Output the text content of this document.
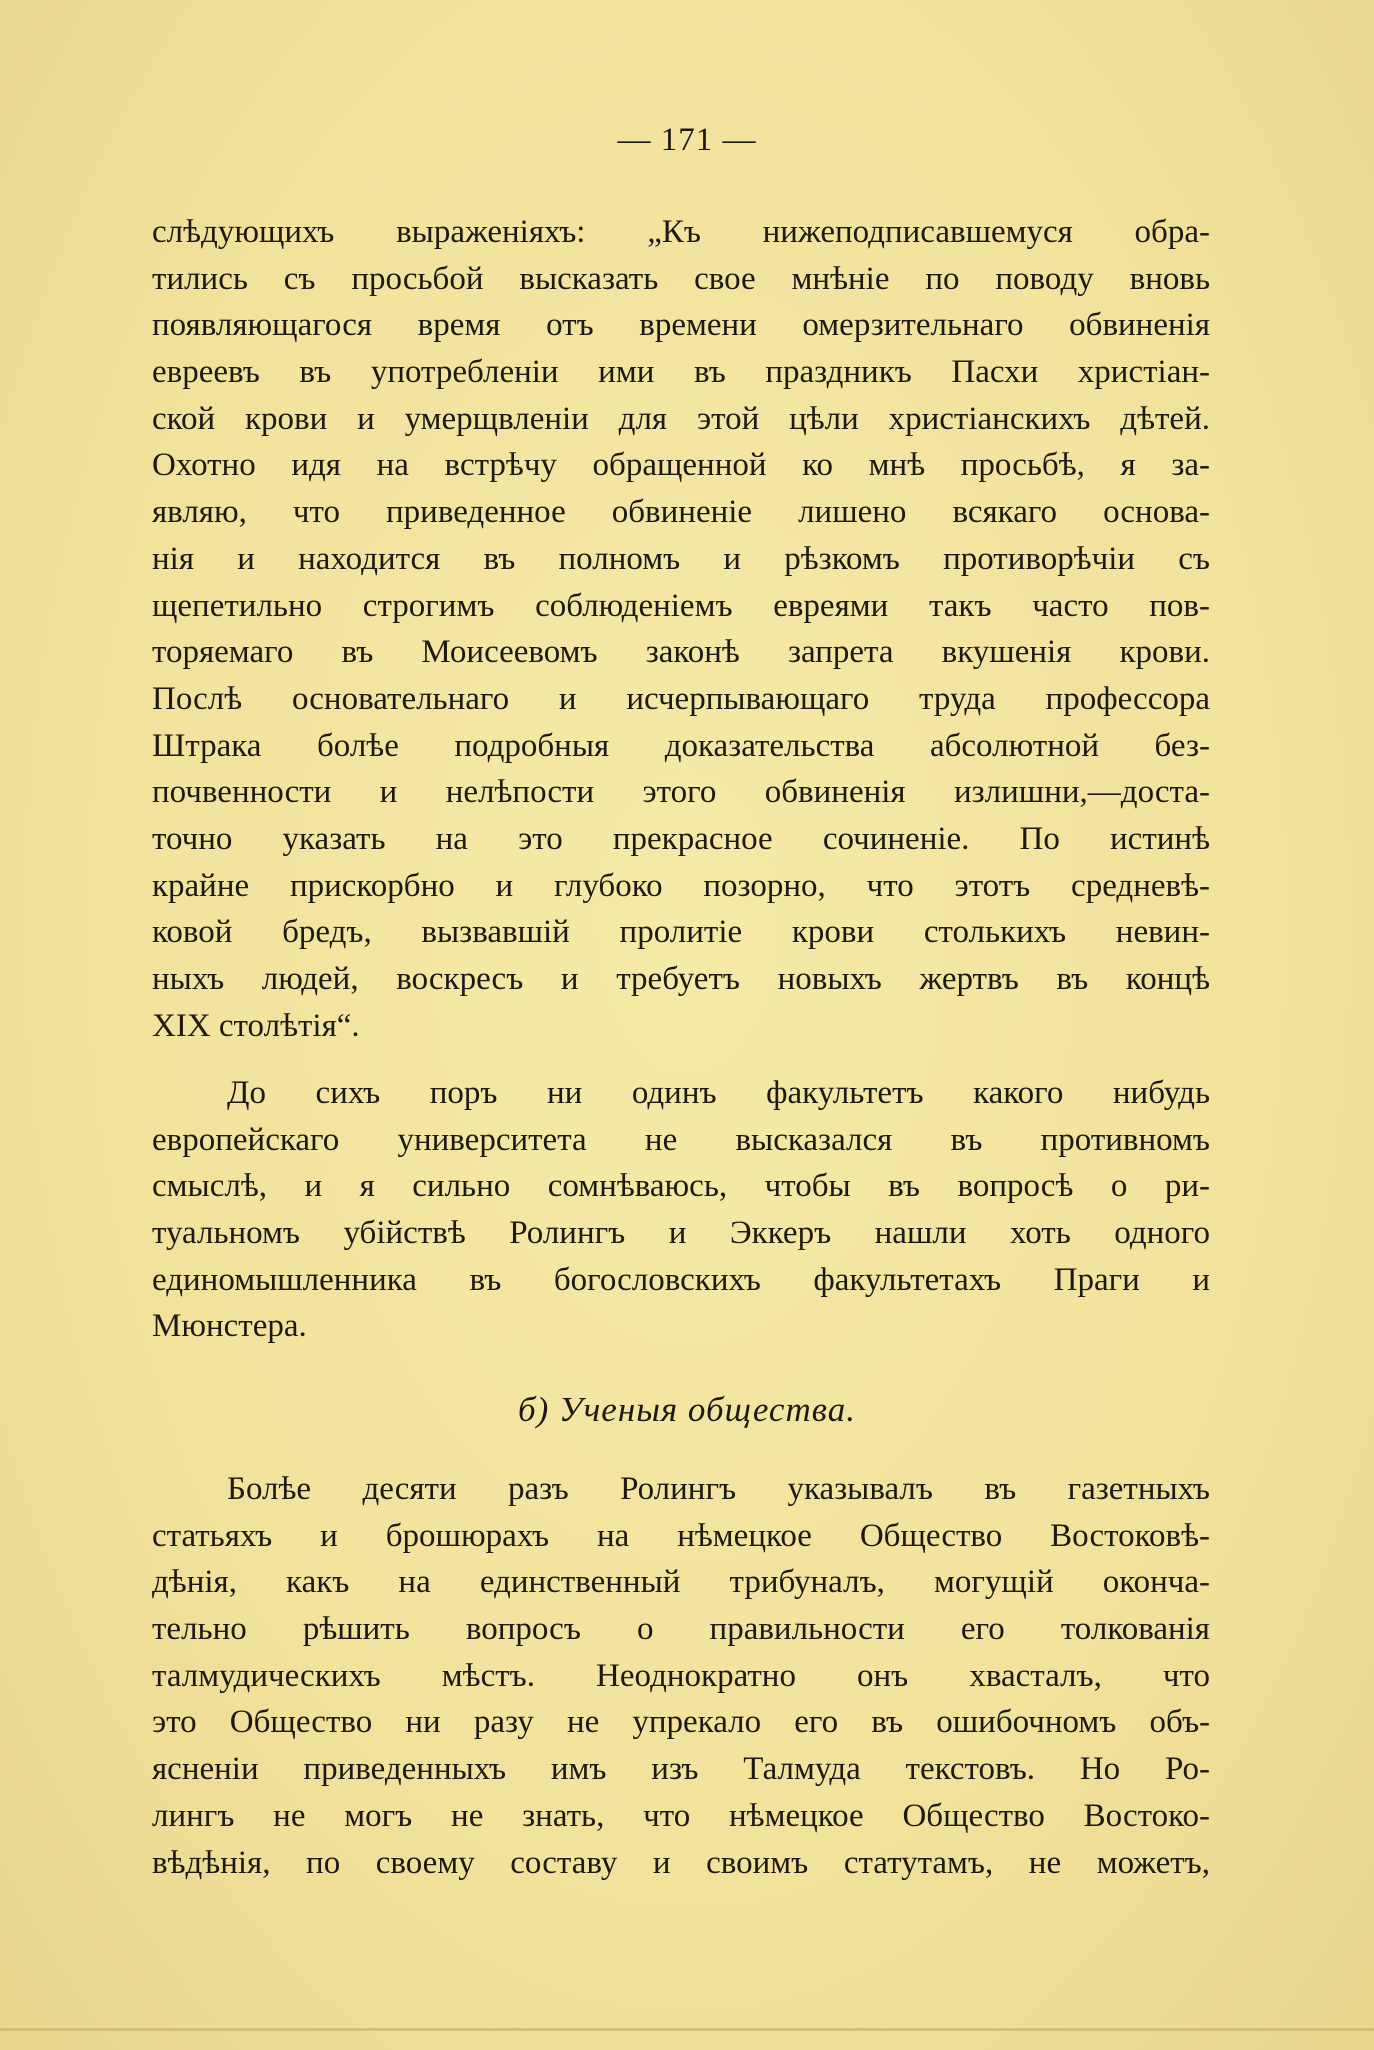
— 171 —
слѣдующихъ выраженiяхъ: „Къ нижеподписавшемуся обра-
тились съ просьбой высказать свое мнѣнiе по поводу вновь
появляющагося время отъ времени омерзительнаго обвиненiя
евреевъ въ употребленiи ими въ праздникъ Пасхи христiан-
ской крови и умерщвленiи для этой цѣли христiанскихъ дѣтей.
Охотно идя на встрѣчу обращенной ко мнѣ просьбѣ, я за-
являю, что приведенное обвиненiе лишено всякаго основа-
нiя и находится въ полномъ и рѣзкомъ противорѣчiи съ
щепетильно строгимъ соблюденiемъ евреями такъ часто пов-
торяемаго въ Моисеевомъ законѣ запрета вкушенiя крови.
Послѣ основательнаго и исчерпывающаго труда профессора
Штрака болѣе подробныя доказательства абсолютной без-
почвенности и нелѣпости этого обвиненiя излишни,—доста-
точно указать на это прекрасное сочиненiе. По истинѣ
крайне прискорбно и глубоко позорно, что этотъ средневѣ-
ковой бредъ, вызвавшiй пролитiе крови столькихъ невин-
ныхъ людей, воскресъ и требуетъ новыхъ жертвъ въ концѣ
XIX столѣтiя“.
До сихъ поръ ни одинъ факультетъ какого нибудь
европейскаго университета не высказался въ противномъ
смыслѣ, и я сильно сомнѣваюсь, чтобы въ вопросѣ о ри-
туальномъ убiйствѣ Ролингъ и Эккеръ нашли хоть одного
единомышленника въ богословскихъ факультетахъ Праги и
Мюнстера.
б) Ученыя общества.
Болѣе десяти разъ Ролингъ указывалъ въ газетныхъ
статьяхъ и брошюрахъ на нѣмецкое Общество Востоковѣ-
дѣнiя, какъ на единственный трибуналъ, могущiй оконча-
тельно рѣшить вопросъ о правильности его толкованiя
талмудическихъ мѣстъ. Неоднократно онъ хвасталъ, что
это Общество ни разу не упрекало его въ ошибочномъ объ-
ясненiи приведенныхъ имъ изъ Талмуда текстовъ. Но Ро-
лингъ не могъ не знать, что нѣмецкое Общество Востоко-
вѣдѣнiя, по своему составу и своимъ статутамъ, не можетъ,
